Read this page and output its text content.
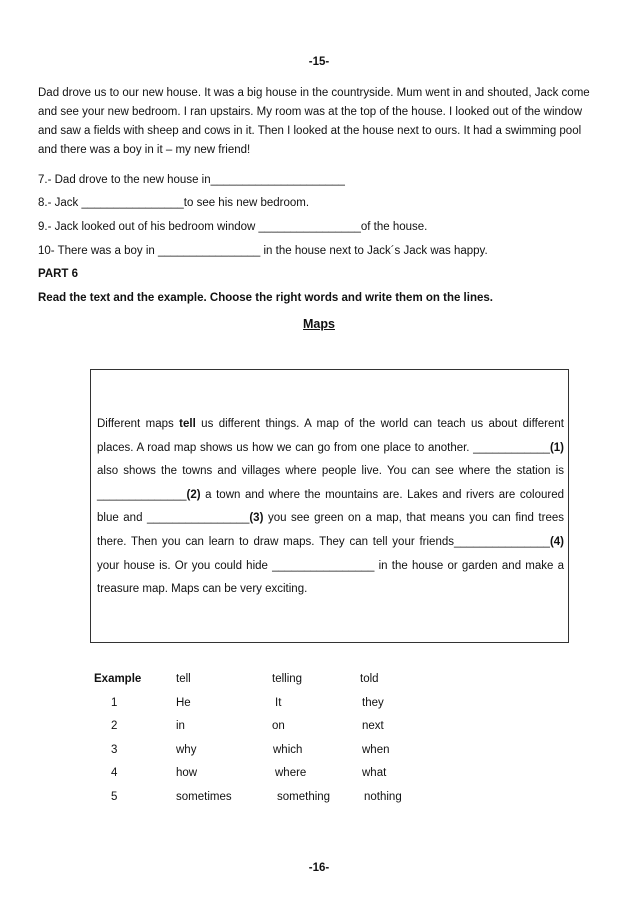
-15-
Dad drove us to our new house. It was a big house in the countryside. Mum went in and shouted, Jack come and see your new bedroom. I ran upstairs. My room was at the top of the house. I looked out of the window and saw a fields with sheep and cows in it. Then I looked at the house next to ours. It had a swimming pool and there was a boy in it – my new friend!
7.- Dad drove to the new house in_____________________
8.- Jack ________________to see his new bedroom.
9.- Jack looked out of his bedroom window ________________of the house.
10- There was a boy in ________________ in the house next to Jack´s Jack was happy.
PART 6
Read the text and the example. Choose the right words and write them on the lines.
Maps
Different maps tell us different things. A map of the world can teach us about different places. A road map shows us how we can go from one place to another. ____________(1) also shows the towns and villages where people live. You can see where the station is ______________(2) a town and where the mountains are. Lakes and rivers are coloured blue and ________________(3) you see green on a map, that means you can find trees there. Then you can learn to draw maps. They can tell your friends_______________(4) your house is. Or you could hide ________________ in the house or garden and make a treasure map. Maps can be very exciting.
Example	tell	telling	told
1	He	It	they
2	in	on	next
3	why	which	when
4	how	where	what
5	sometimes	something	nothing
-16-
